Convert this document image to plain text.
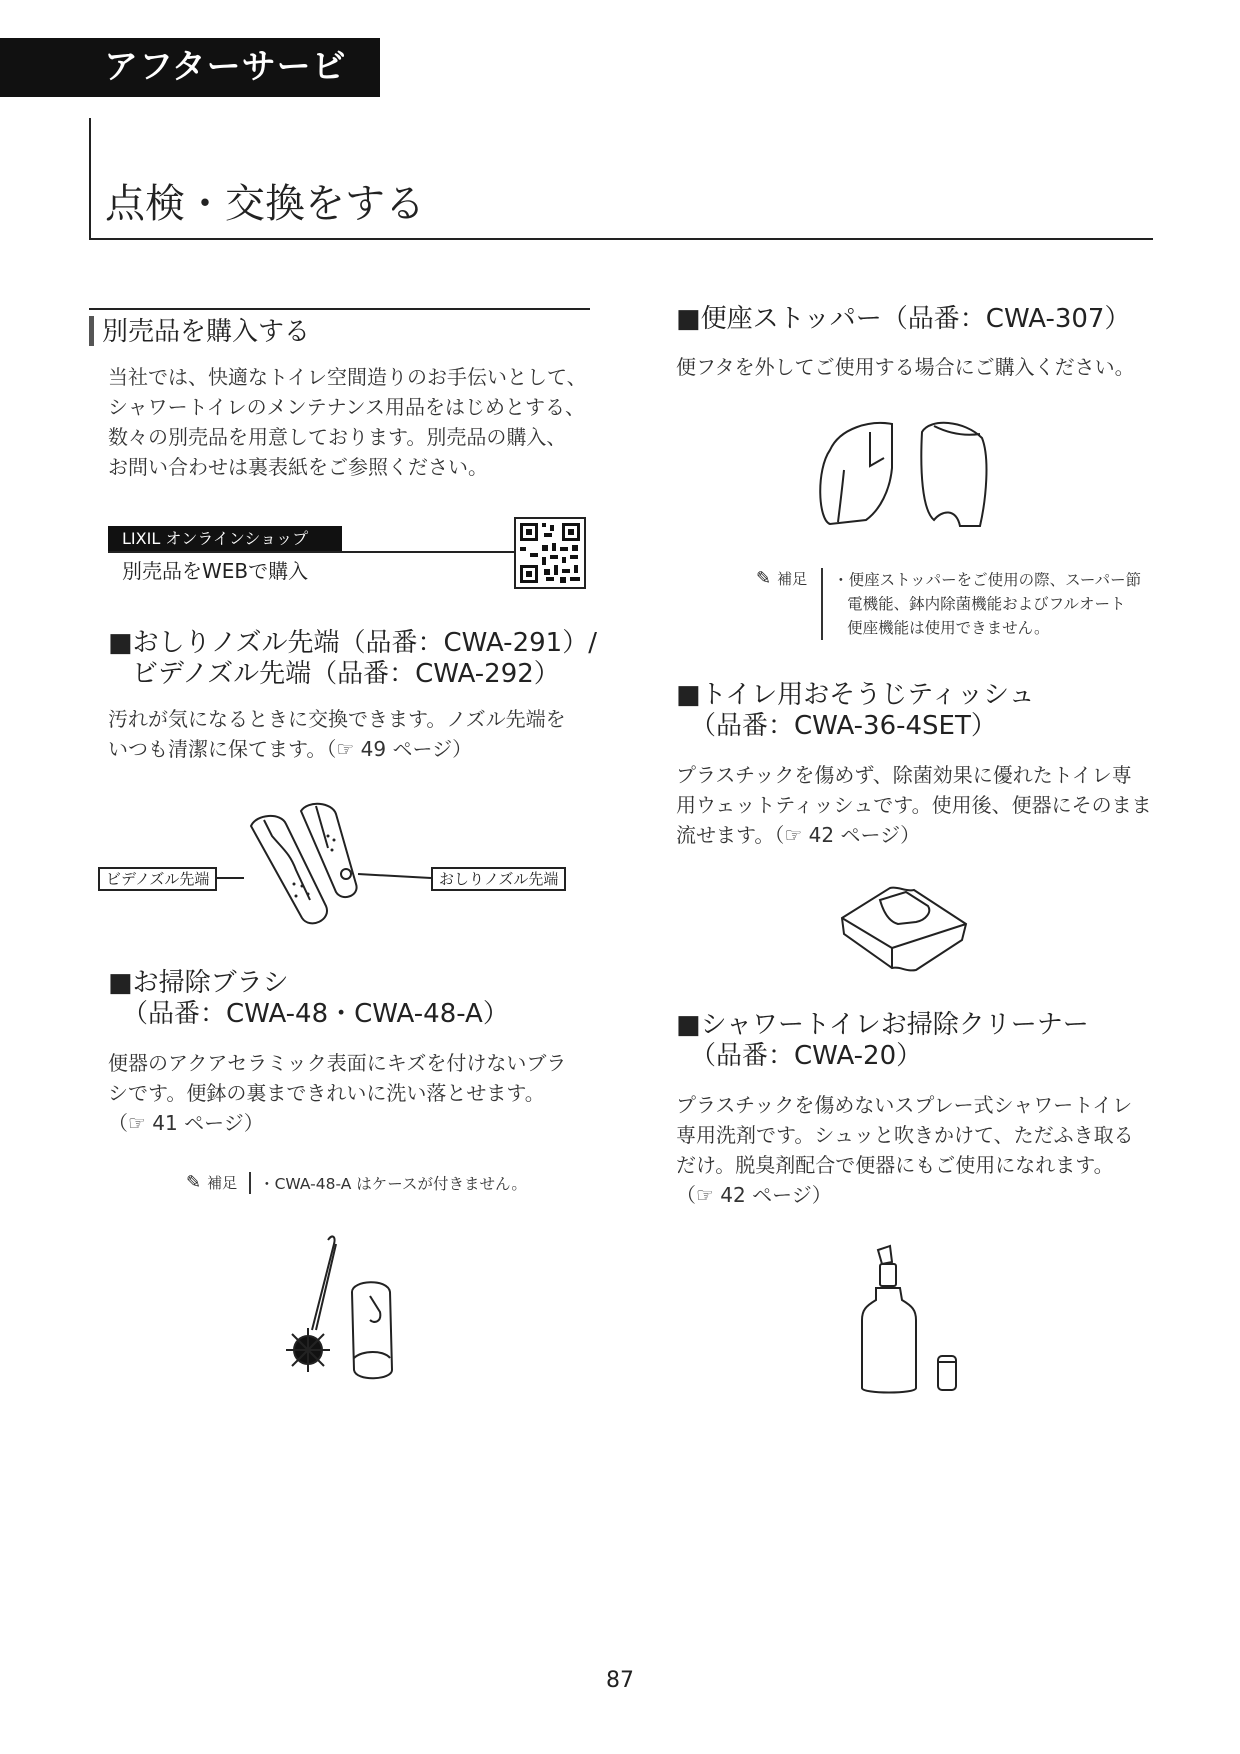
アフターサービス
点検・交換をする
別売品を購入する
当社では、快適なトイレ空間造りのお手伝いとして、
シャワートイレのメンテナンス用品をはじめとする、
数々の別売品を用意しております。別売品の購入、
お問い合わせは裏表紙をご参照ください。
LIXIL オンラインショップ
別売品をWEBで購入
■おしりノズル先端（品番：CWA-291）/
ビデノズル先端（品番：CWA-292）
汚れが気になるときに交換できます。ノズル先端を
いつも清潔に保てます。（☞ 49 ページ）
ビデノズル先端	おしりノズル先端
■お掃除ブラシ
（品番：CWA-48・CWA-48-A）
便器のアクアセラミック表面にキズを付けないブラ
シです。便鉢の裏まできれいに洗い落とせます。
（☞ 41 ページ）
✎ 補足 ・CWA-48-A はケースが付きません。
■便座ストッパー（品番：CWA-307）
便フタを外してご使用する場合にご購入ください。
✎ 補足 ・便座ストッパーをご使用の際、スーパー節
電機能、鉢内除菌機能およびフルオート
便座機能は使用できません。
■トイレ用おそうじティッシュ
（品番：CWA-36-4SET）
プラスチックを傷めず、除菌効果に優れたトイレ専
用ウェットティッシュです。使用後、便器にそのまま
流せます。（☞ 42 ページ）
■シャワートイレお掃除クリーナー
（品番：CWA-20）
プラスチックを傷めないスプレー式シャワートイレ
専用洗剤です。シュッと吹きかけて、ただふき取る
だけ。脱臭剤配合で便器にもご使用になれます。
（☞ 42 ページ）
87
